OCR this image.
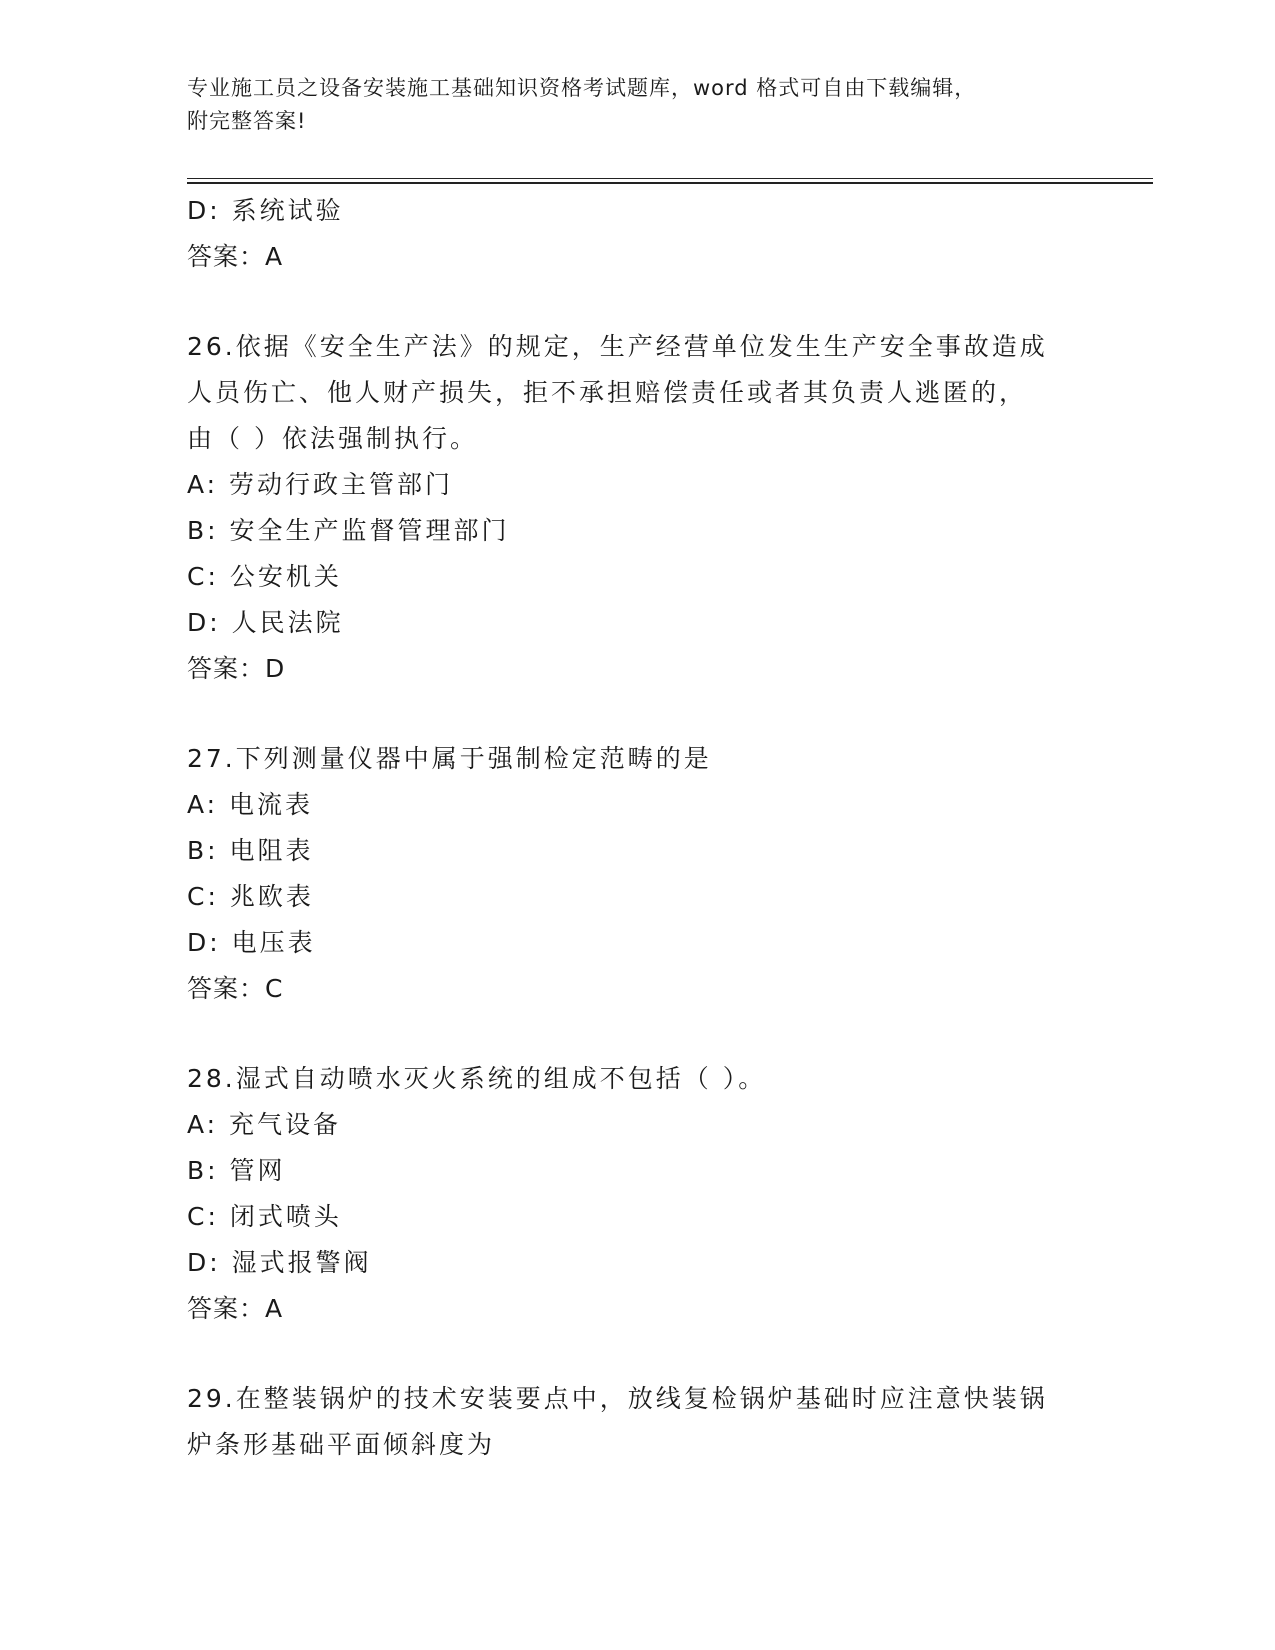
专业施工员之设备安装施工基础知识资格考试题库，word 格式可自由下载编辑，
附完整答案!
D: 系统试验
答案：A
26.依据《安全生产法》的规定，生产经营单位发生生产安全事故造成
人员伤亡、他人财产损失，拒不承担赔偿责任或者其负责人逃匿的，
由（ ）依法强制执行。
A: 劳动行政主管部门
B: 安全生产监督管理部门
C: 公安机关
D: 人民法院
答案：D
27.下列测量仪器中属于强制检定范畴的是
A: 电流表
B: 电阻表
C: 兆欧表
D: 电压表
答案：C
28.湿式自动喷水灭火系统的组成不包括（ ）。
A: 充气设备
B: 管网
C: 闭式喷头
D: 湿式报警阀
答案：A
29.在整装锅炉的技术安装要点中，放线复检锅炉基础时应注意快装锅
炉条形基础平面倾斜度为
